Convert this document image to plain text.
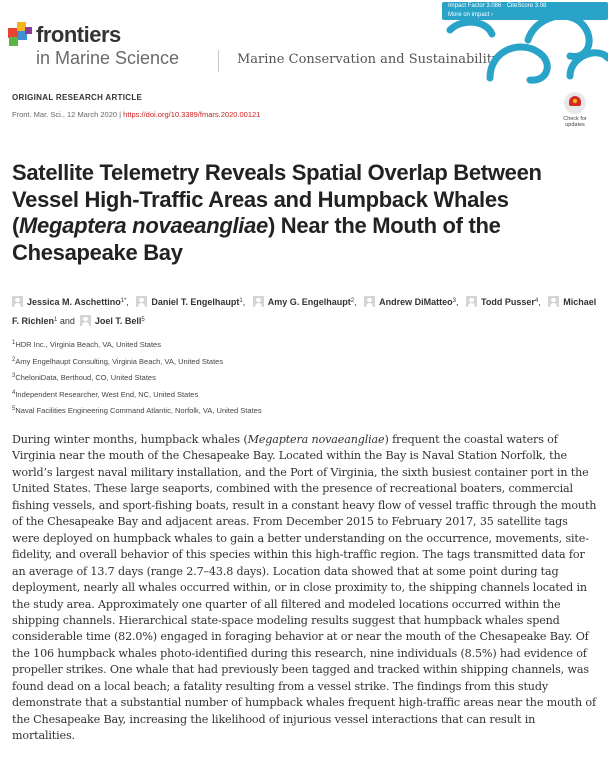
frontiers
in Marine Science	Marine Conservation and Sustainability
Impact Factor 3.086 · CiteScore 3.08
More on impact ›
ORIGINAL RESEARCH ARTICLE
Front. Mar. Sci., 12 March 2020 | https://doi.org/10.3389/fmars.2020.00121	Check for
updates
Satellite Telemetry Reveals Spatial Overlap Between Vessel High-Traffic Areas and Humpback Whales (Megaptera novaeangliae) Near the Mouth of the Chesapeake Bay
Jessica M. Aschettino$^{1*}$,   Daniel T. Engelhaupt$^1$,   Amy G. Engelhaupt$^2$,   Andrew DiMatteo$^3$,   Todd Pusser$^4$,   Michael F. Richlen$^1$ and  Joel T. Bell$^5$
$^1$HDR Inc., Virginia Beach, VA, United States
$^2$Amy Engelhaupt Consulting, Virginia Beach, VA, United States
$^3$CheloniData, Berthoud, CO, United States
$^4$Independent Researcher, West End, NC, United States
$^5$Naval Facilities Engineering Command Atlantic, Norfolk, VA, United States

During winter months, humpback whales (Megaptera novaeangliae) frequent the coastal waters of Virginia near the mouth of the Chesapeake Bay. Located within the Bay is Naval Station Norfolk, the world’s largest naval military installation, and the Port of Virginia, the sixth busiest container port in the United States. These large seaports, combined with the presence of recreational boaters, commercial fishing vessels, and sport-fishing boats, result in a constant heavy flow of vessel traffic through the mouth of the Chesapeake Bay and adjacent areas. From December 2015 to February 2017, 35 satellite tags were deployed on humpback whales to gain a better understanding on the occurrence, movements, site-fidelity, and overall behavior of this species within this high-traffic region. The tags transmitted data for an average of 13.7 days (range 2.7–43.8 days). Location data showed that at some point during tag deployment, nearly all whales occurred within, or in close proximity to, the shipping channels located in the study area. Approximately one quarter of all filtered and modeled locations occurred within the shipping channels. Hierarchical state-space modeling results suggest that humpback whales spend considerable time (82.0%) engaged in foraging behavior at or near the mouth of the Chesapeake Bay. Of the 106 humpback whales photo-identified during this research, nine individuals (8.5%) had evidence of propeller strikes. One whale that had previously been tagged and tracked within shipping channels, was found dead on a local beach; a fatality resulting from a vessel strike. The findings from this study demonstrate that a substantial number of humpback whales frequent high-traffic areas near the mouth of the Chesapeake Bay, increasing the likelihood of injurious vessel interactions that can result in mortalities.
